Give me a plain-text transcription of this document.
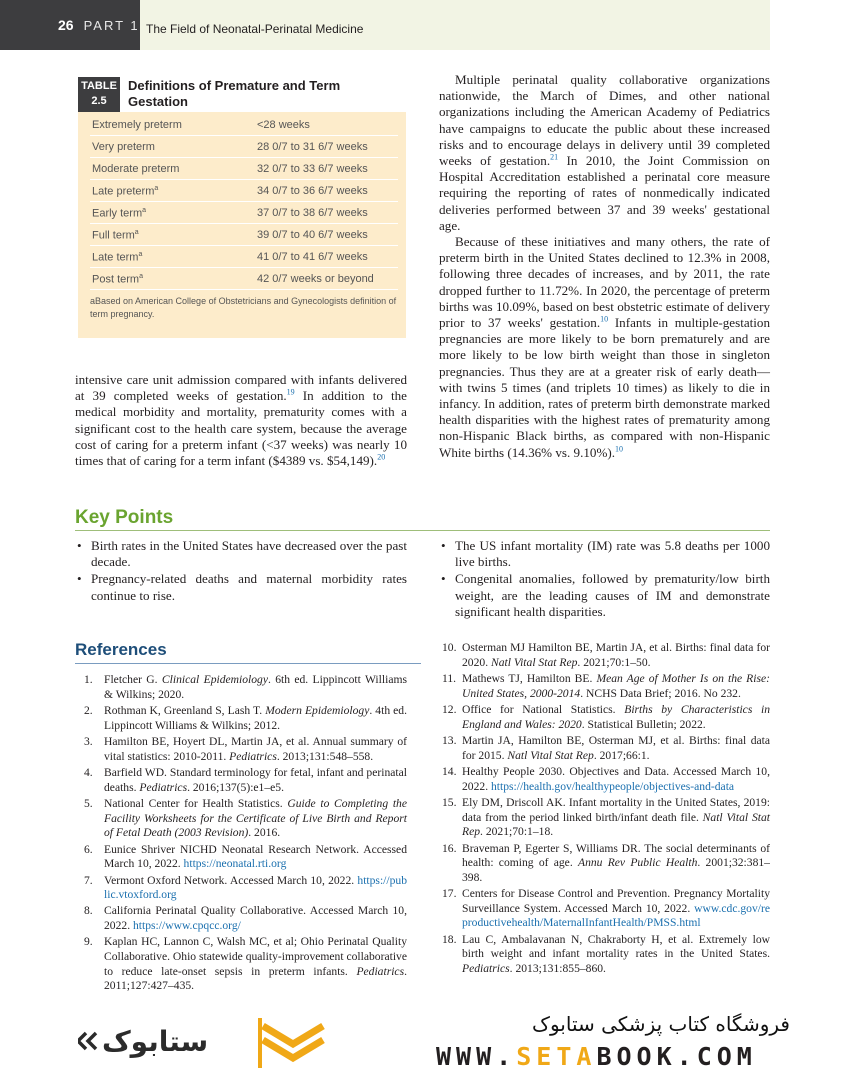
26 PART 1 The Field of Neonatal-Perinatal Medicine
TABLE
2.5
Definitions of Premature and Term Gestation
Extremely preterm	<28 weeks
Very preterm	28 0/7 to 31 6/7 weeks
Moderate preterm	32 0/7 to 33 6/7 weeks
Late preterm$^a$	34 0/7 to 36 6/7 weeks
Early term$^a$	37 0/7 to 38 6/7 weeks
Full term$^a$	39 0/7 to 40 6/7 weeks
Late term$^a$	41 0/7 to 41 6/7 weeks
Post term$^a$	42 0/7 weeks or beyond
aBased on American College of Obstetricians and Gynecologists definition of term pregnancy.

intensive care unit admission compared with infants delivered at 39 completed weeks of gestation.$^{19}$ In addition to the medical morbidity and mortality, prematurity comes with a significant cost to the health care system, because the average cost of caring for a preterm infant (<37 weeks) was nearly 10 times that of caring for a term infant ($4389 vs. $54,149).$^{20}$

Multiple perinatal quality collaborative organizations nationwide, the March of Dimes, and other national organizations including the American Academy of Pediatrics have campaigns to educate the public about these increased risks and to encourage delays in delivery until 39 completed weeks of gestation.$^{21}$ In 2010, the Joint Commission on Hospital Accreditation established a perinatal core measure requiring the reporting of rates of nonmedically indicated deliveries performed between 37 and 39 weeks' gestational age.

Because of these initiatives and many others, the rate of preterm birth in the United States declined to 12.3% in 2008, following three decades of increases, and by 2011, the rate dropped further to 11.72%. In 2020, the percentage of preterm births was 10.09%, based on best obstetric estimate of delivery prior to 37 weeks' gestation.$^{10}$ Infants in multiple-gestation pregnancies are more likely to be born prematurely and are more likely to be low birth weight than those in singleton pregnancies. Thus they are at a greater risk of early death—with twins 5 times (and triplets 10 times) as likely to die in infancy. In addition, rates of preterm birth demonstrate marked health disparities with the highest rates of prematurity among non-Hispanic Black births, as compared with non-Hispanic White births (14.36% vs. 9.10%).$^{10}$

Key Points
• Birth rates in the United States have decreased over the past decade.
• Pregnancy-related deaths and maternal morbidity rates continue to rise.
• The US infant mortality (IM) rate was 5.8 deaths per 1000 live births.
• Congenital anomalies, followed by prematurity/low birth weight, are the leading causes of IM and demonstrate significant health disparities.
References
1. Fletcher G. Clinical Epidemiology. 6th ed. Lippincott Williams & Wilkins; 2020.
2. Rothman K, Greenland S, Lash T. Modern Epidemiology. 4th ed. Lippincott Williams & Wilkins; 2012.
3. Hamilton BE, Hoyert DL, Martin JA, et al. Annual summary of vital statistics: 2010-2011. Pediatrics. 2013;131:548–558.
4. Barfield WD. Standard terminology for fetal, infant and perinatal deaths. Pediatrics. 2016;137(5):e1–e5.
5. National Center for Health Statistics. Guide to Completing the Facility Worksheets for the Certificate of Live Birth and Report of Fetal Death (2003 Revision). 2016.
6. Eunice Shriver NICHD Neonatal Research Network. Accessed March 10, 2022. https://neonatal.rti.org
7. Vermont Oxford Network. Accessed March 10, 2022. https://public.vtoxford.org
8. California Perinatal Quality Collaborative. Accessed March 10, 2022. https://www.cpqcc.org/
9. Kaplan HC, Lannon C, Walsh MC, et al; Ohio Perinatal Quality Collaborative. Ohio statewide quality-improvement collaborative to reduce late-onset sepsis in preterm infants. Pediatrics. 2011;127:427–435.
10. Osterman MJ Hamilton BE, Martin JA, et al. Births: final data for 2020. Natl Vital Stat Rep. 2021;70:1–50.
11. Mathews TJ, Hamilton BE. Mean Age of Mother Is on the Rise: United States, 2000-2014. NCHS Data Brief; 2016. No 232.
12. Office for National Statistics. Births by Characteristics in England and Wales: 2020. Statistical Bulletin; 2022.
13. Martin JA, Hamilton BE, Osterman MJ, et al. Births: final data for 2015. Natl Vital Stat Rep. 2017;66:1.
14. Healthy People 2030. Objectives and Data. Accessed March 10, 2022. https://health.gov/healthypeople/objectives-and-data
15. Ely DM, Driscoll AK. Infant mortality in the United States, 2019: data from the period linked birth/infant death file. Natl Vital Stat Rep. 2021;70:1–18.
16. Braveman P, Egerter S, Williams DR. The social determinants of health: coming of age. Annu Rev Public Health. 2001;32:381–398.
17. Centers for Disease Control and Prevention. Pregnancy Mortality Surveillance System. Accessed March 10, 2022. www.cdc.gov/reproductivehealth/MaternalInfantHealth/PMSS.html
18. Lau C, Ambalavanan N, Chakraborty H, et al. Extremely low birth weight and infant mortality rates in the United States. Pediatrics. 2013;131:855–860.
ستابوک
فروشگاه کتاب پزشکی ستابوک
WWW.SETABOOK.COM
